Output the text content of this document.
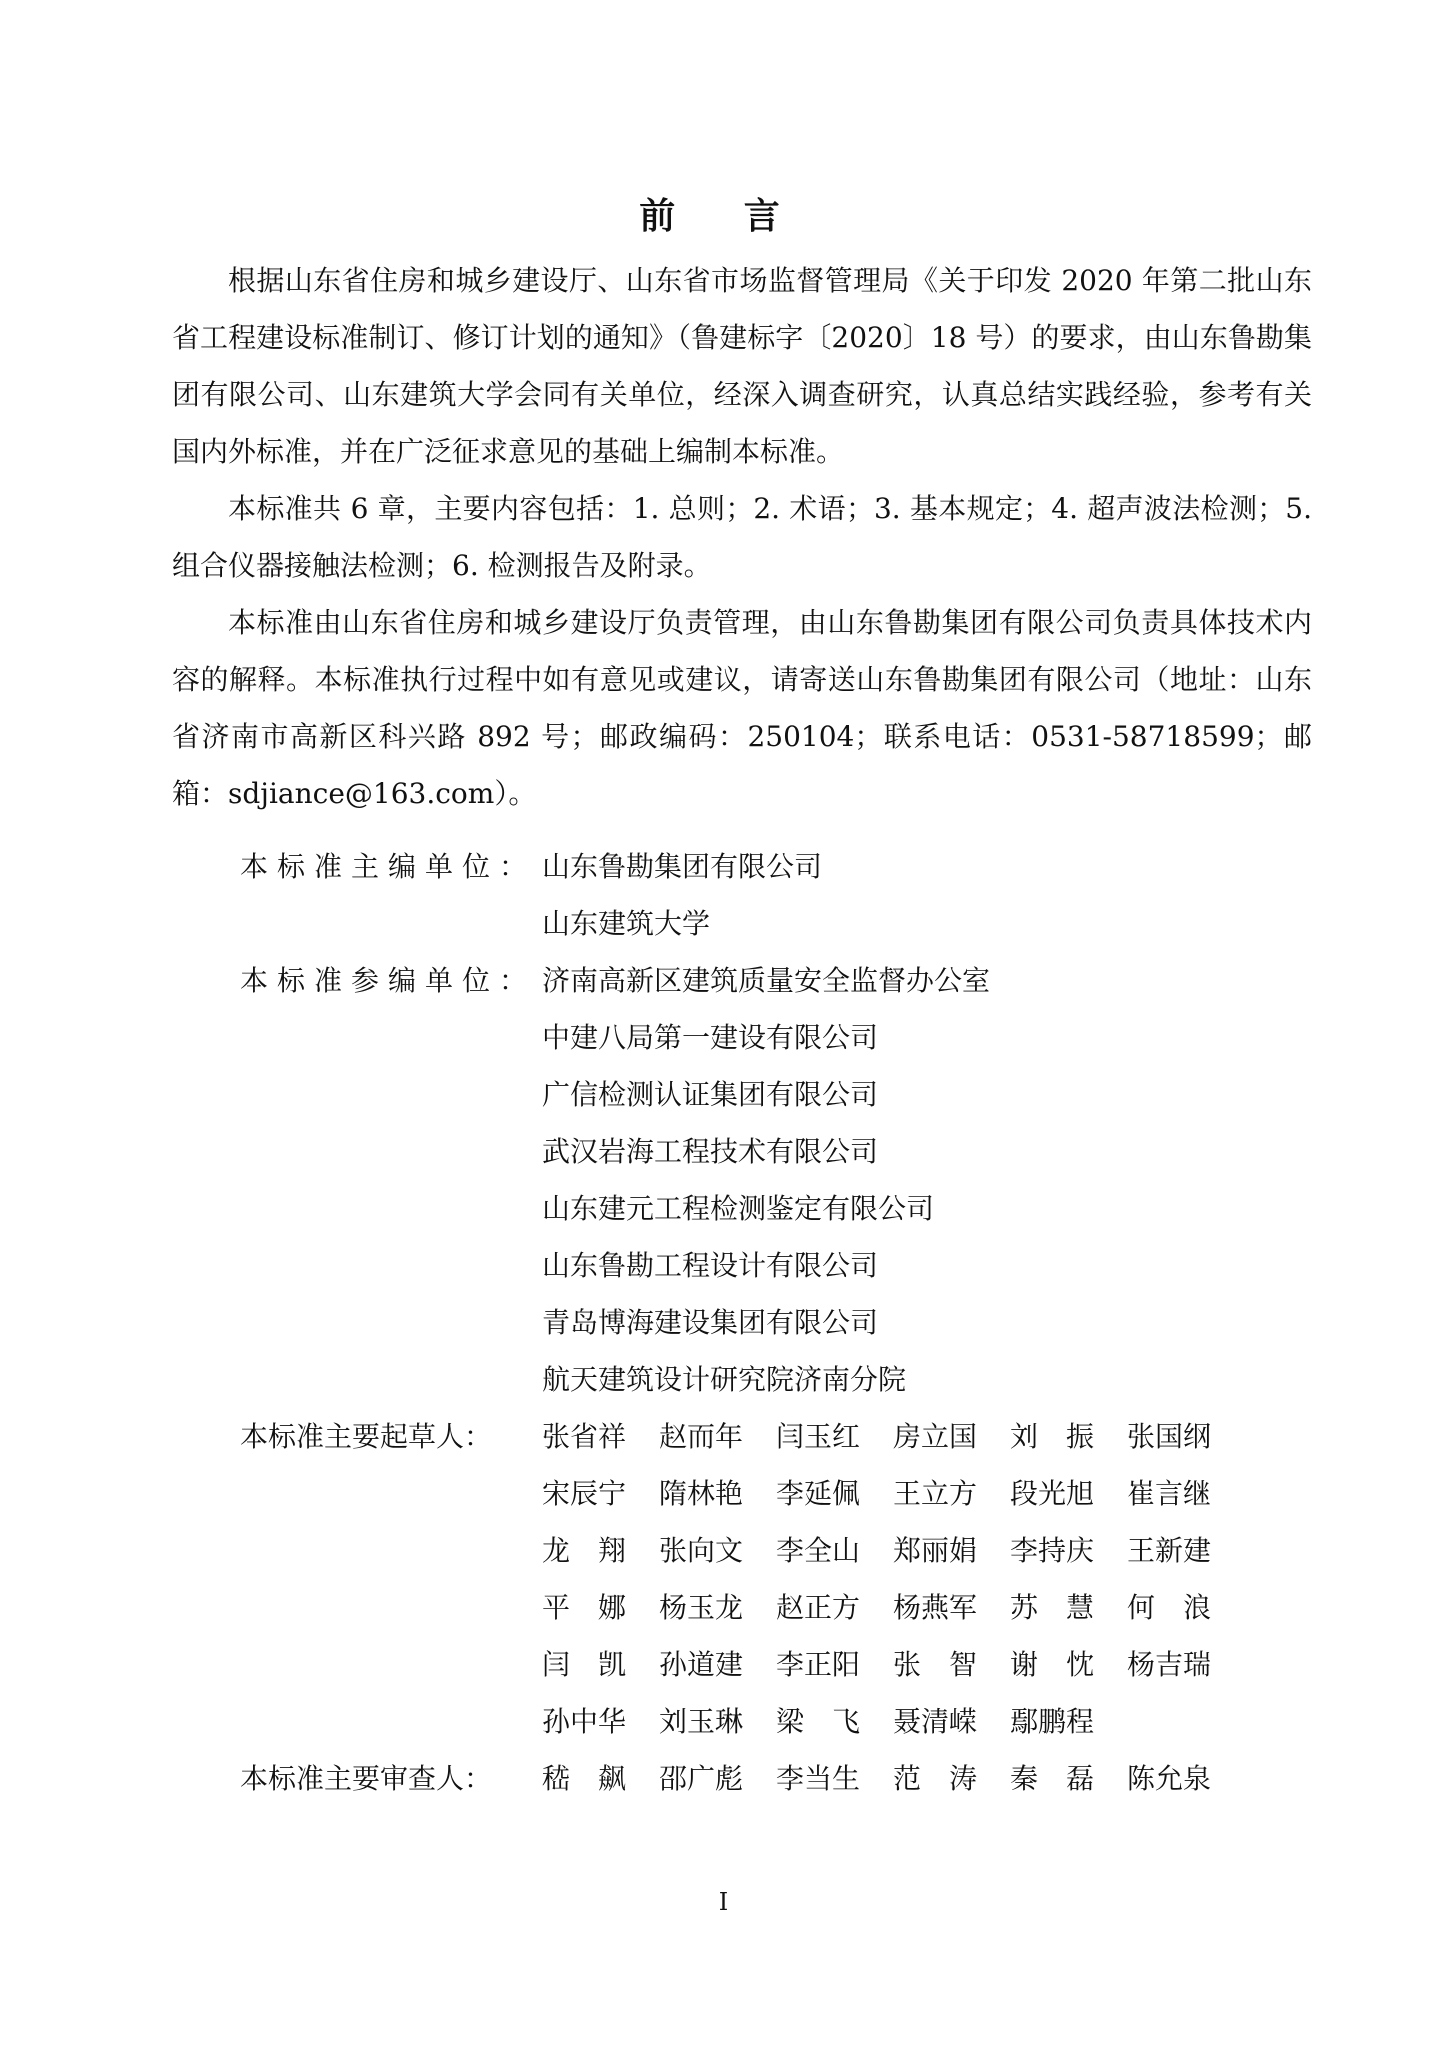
前 言

根据山东省住房和城乡建设厅、山东省市场监督管理局《关于印发 2020 年第二批山东省工程建设标准制订、修订计划的通知》（鲁建标字〔2020〕18 号）的要求，由山东鲁勘集团有限公司、山东建筑大学会同有关单位，经深入调查研究，认真总结实践经验，参考有关国内外标准，并在广泛征求意见的基础上编制本标准。

本标准共 6 章，主要内容包括：1. 总则；2. 术语；3. 基本规定；4. 超声波法检测；5. 组合仪器接触法检测；6. 检测报告及附录。

本标准由山东省住房和城乡建设厅负责管理，由山东鲁勘集团有限公司负责具体技术内容的解释。本标准执行过程中如有意见或建议，请寄送山东鲁勘集团有限公司（地址：山东省济南市高新区科兴路 892 号；邮政编码：250104；联系电话：0531-58718599；邮箱：sdjiance@163.com）。

本标准主编单位： 山东鲁勘集团有限公司
山东建筑大学
本标准参编单位： 济南高新区建筑质量安全监督办公室
中建八局第一建设有限公司
广信检测认证集团有限公司
武汉岩海工程技术有限公司
山东建元工程检测鉴定有限公司
山东鲁勘工程设计有限公司
青岛博海建设集团有限公司
航天建筑设计研究院济南分院
本标准主要起草人：	张省祥	赵而年	闫玉红	房立国	刘　振	张国纲
宋辰宁	隋林艳	李延佩	王立方	段光旭	崔言继
龙　翔	张向文	李全山	郑丽娟	李持庆	王新建
平　娜	杨玉龙	赵正方	杨燕军	苏　慧	何　浪
闫　凯	孙道建	李正阳	张　智	谢　忱	杨吉瑞
孙中华	刘玉琳	梁　飞	聂清嵘	鄢鹏程
本标准主要审查人：	嵇　飙	邵广彪	李当生	范　涛	秦　磊	陈允泉
I
